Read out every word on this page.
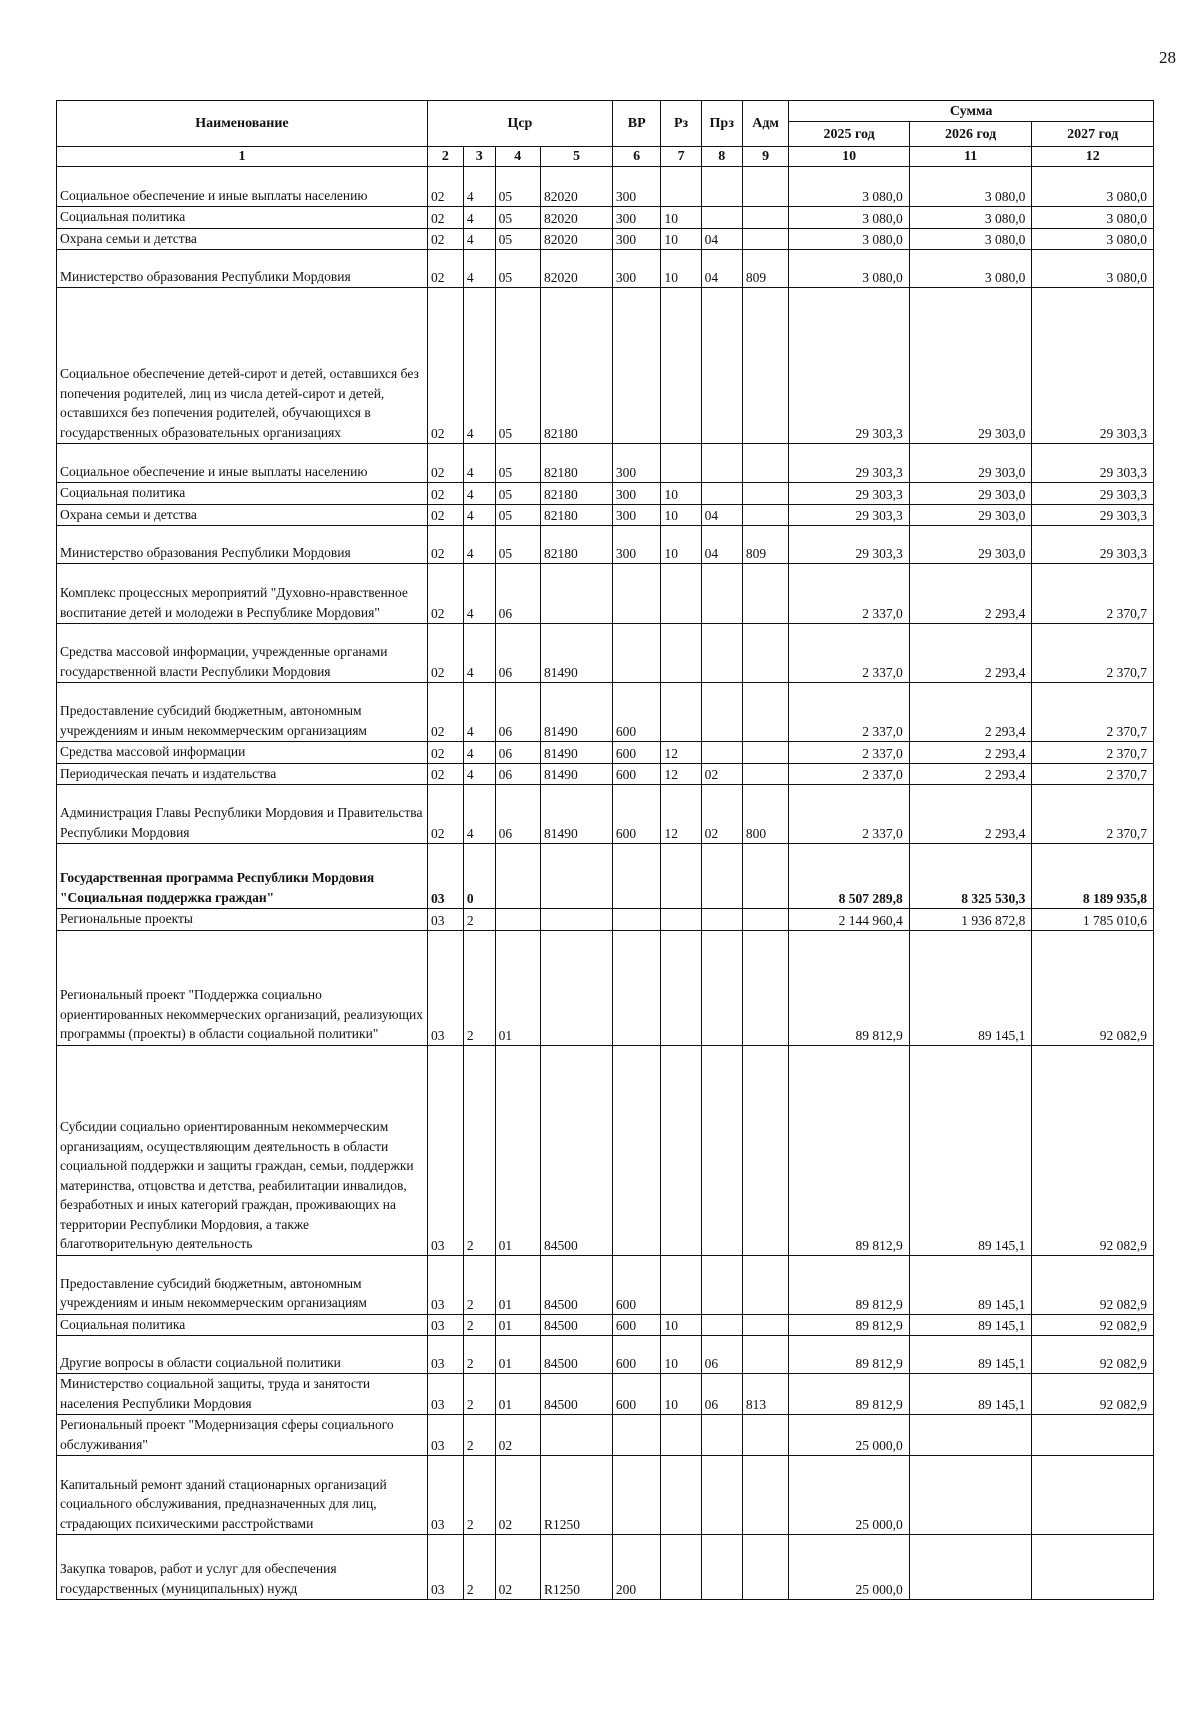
28
Наименование	Цср				ВР	Рз	Прз	Адм	Сумма		
									2025 год	2026 год	2027 год
1	2	3	4	5	6	7	8	9	10	11	12
Социальное обеспечение и иные выплаты населению	02	4	05	82020	300				3 080,0	3 080,0	3 080,0
Социальная политика	02	4	05	82020	300	10			3 080,0	3 080,0	3 080,0
Охрана семьи и детства	02	4	05	82020	300	10	04		3 080,0	3 080,0	3 080,0
Министерство образования Республики Мордовия	02	4	05	82020	300	10	04	809	3 080,0	3 080,0	3 080,0
Социальное обеспечение детей-сирот и детей, оставшихся без попечения родителей, лиц из числа детей-сирот и детей, оставшихся без попечения родителей, обучающихся в государственных образовательных организациях	02	4	05	82180					29 303,3	29 303,0	29 303,3
Социальное обеспечение и иные выплаты населению	02	4	05	82180	300				29 303,3	29 303,0	29 303,3
Социальная политика	02	4	05	82180	300	10			29 303,3	29 303,0	29 303,3
Охрана семьи и детства	02	4	05	82180	300	10	04		29 303,3	29 303,0	29 303,3
Министерство образования Республики Мордовия	02	4	05	82180	300	10	04	809	29 303,3	29 303,0	29 303,3
Комплекс процессных мероприятий "Духовно-нравственное воспитание детей и молодежи в Республике Мордовия"	02	4	06						2 337,0	2 293,4	2 370,7
Средства массовой информации, учрежденные органами государственной власти Республики Мордовия	02	4	06	81490					2 337,0	2 293,4	2 370,7
Предоставление субсидий бюджетным, автономным учреждениям и иным некоммерческим организациям	02	4	06	81490	600				2 337,0	2 293,4	2 370,7
Средства массовой информации	02	4	06	81490	600	12			2 337,0	2 293,4	2 370,7
Периодическая печать и издательства	02	4	06	81490	600	12	02		2 337,0	2 293,4	2 370,7
Администрация Главы Республики Мордовия и Правительства Республики Мордовия	02	4	06	81490	600	12	02	800	2 337,0	2 293,4	2 370,7
Государственная программа Республики Мордовия "Социальная поддержка граждан"	03	0							8 507 289,8	8 325 530,3	8 189 935,8
Региональные проекты	03	2							2 144 960,4	1 936 872,8	1 785 010,6
Региональный проект "Поддержка социально ориентированных некоммерческих организаций, реализующих программы (проекты) в области социальной политики"	03	2	01						89 812,9	89 145,1	92 082,9
Субсидии социально ориентированным некоммерческим организациям, осуществляющим деятельность в области социальной поддержки и защиты граждан, семьи, поддержки материнства, отцовства и детства, реабилитации инвалидов, безработных и иных категорий граждан, проживающих на территории Республики Мордовия, а также благотворительную деятельность	03	2	01	84500					89 812,9	89 145,1	92 082,9
Предоставление субсидий бюджетным, автономным учреждениям и иным некоммерческим организациям	03	2	01	84500	600				89 812,9	89 145,1	92 082,9
Социальная политика	03	2	01	84500	600	10			89 812,9	89 145,1	92 082,9
Другие вопросы в области социальной политики	03	2	01	84500	600	10	06		89 812,9	89 145,1	92 082,9
Министерство социальной защиты, труда и занятости населения Республики Мордовия	03	2	01	84500	600	10	06	813	89 812,9	89 145,1	92 082,9
Региональный проект "Модернизация сферы социального обслуживания"	03	2	02						25 000,0		
Капитальный ремонт зданий стационарных организаций социального обслуживания, предназначенных для лиц, страдающих психическими расстройствами	03	2	02	R1250					25 000,0		
Закупка товаров, работ и услуг для обеспечения государственных (муниципальных) нужд	03	2	02	R1250	200				25 000,0		
